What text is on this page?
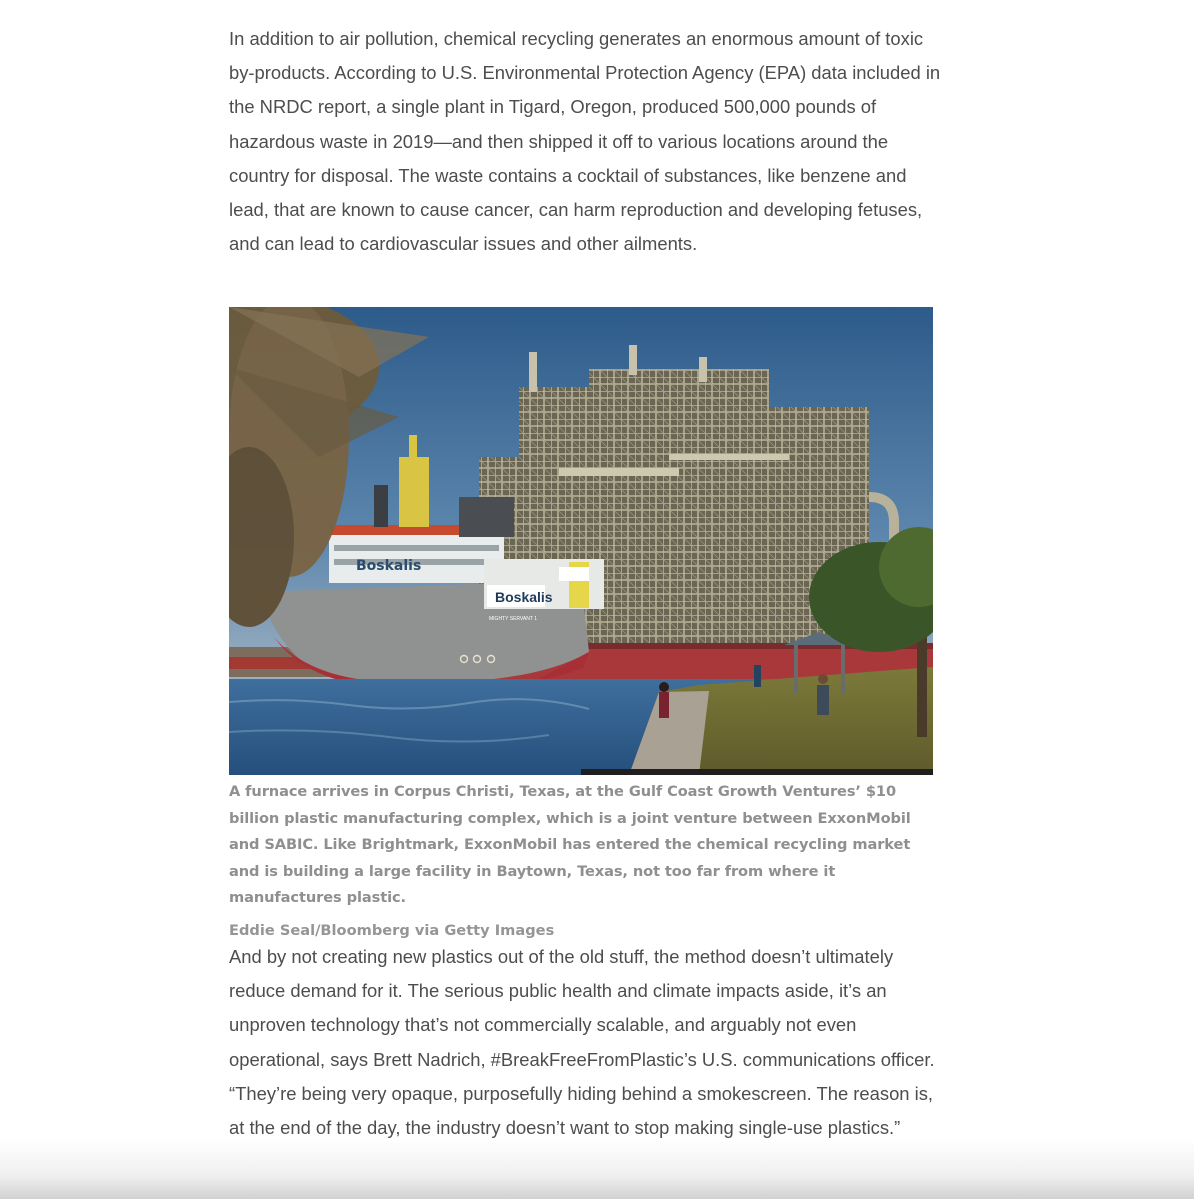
In addition to air pollution, chemical recycling generates an enormous amount of toxic by-products. According to U.S. Environmental Protection Agency (EPA) data included in the NRDC report, a single plant in Tigard, Oregon, produced 500,000 pounds of hazardous waste in 2019—and then shipped it off to various locations around the country for disposal. The waste contains a cocktail of substances, like benzene and lead, that are known to cause cancer, can harm reproduction and developing fetuses, and can lead to cardiovascular issues and other ailments.

Boskalis
Boskalis
MIGHTY SERVANT 1
A furnace arrives in Corpus Christi, Texas, at the Gulf Coast Growth Ventures’ $10 billion plastic manufacturing complex, which is a joint venture between ExxonMobil and SABIC. Like Brightmark, ExxonMobil has entered the chemical recycling market and is building a large facility in Baytown, Texas, not too far from where it manufactures plastic.
Eddie Seal/Bloomberg via Getty Images

And by not creating new plastics out of the old stuff, the method doesn’t ultimately reduce demand for it. The serious public health and climate impacts aside, it’s an unproven technology that’s not commercially scalable, and arguably not even operational, says Brett Nadrich, #BreakFreeFromPlastic’s U.S. communications officer. “They’re being very opaque, purposefully hiding behind a smokescreen. The reason is, at the end of the day, the industry doesn’t want to stop making single-use plastics.”
